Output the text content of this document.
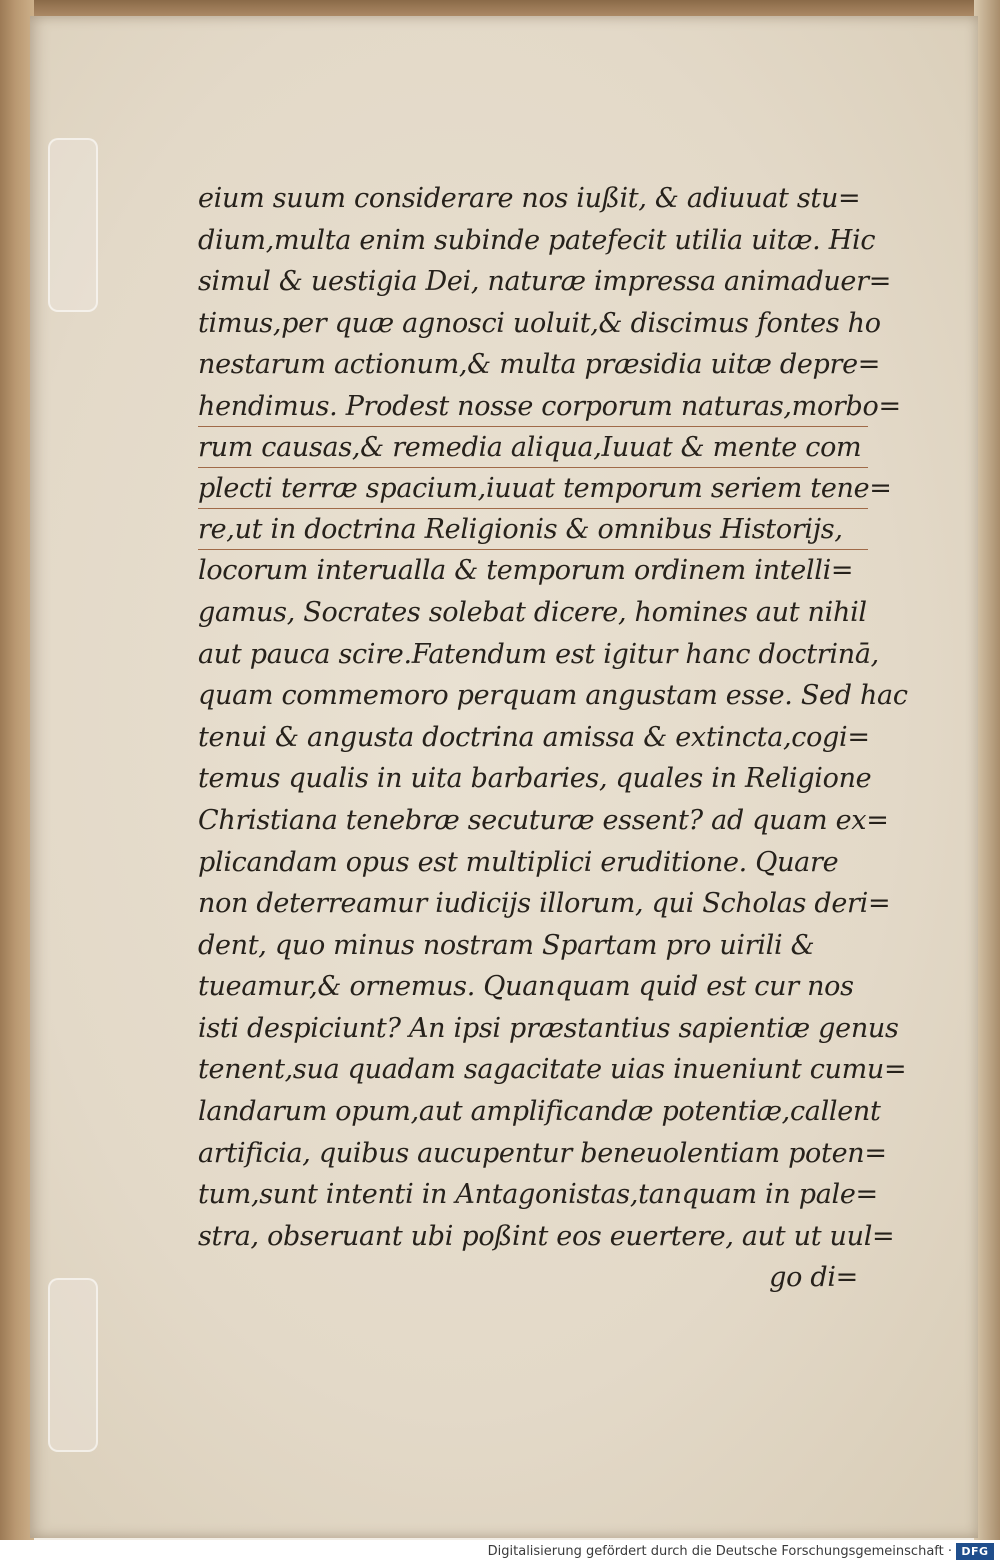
eium suum considerare nos iußit, & adiuuat stu=
dium,multa enim subinde patefecit utilia uitæ. Hic
simul & uestigia Dei, naturæ impressa animaduer=
timus,per quæ agnosci uoluit,& discimus fontes ho
nestarum actionum,& multa præsidia uitæ depre=
hendimus. Prodest nosse corporum naturas,morbo=
rum causas,& remedia aliqua,Iuuat & mente com
plecti terræ spacium,iuuat temporum seriem tene=
re,ut in doctrina Religionis & omnibus Historijs,
locorum interualla & temporum ordinem intelli=
gamus, Socrates solebat dicere, homines aut nihil
aut pauca scire.Fatendum est igitur hanc doctrinā,
quam commemoro perquam angustam esse. Sed hac
tenui & angusta doctrina amissa & extincta,cogi=
temus qualis in uita barbaries, quales in Religione
Christiana tenebræ secuturæ essent? ad quam ex=
plicandam opus est multiplici eruditione. Quare
non deterreamur iudicijs illorum, qui Scholas deri=
dent, quo minus nostram Spartam pro uirili &
tueamur,& ornemus. Quanquam quid est cur nos
isti despiciunt? An ipsi præstantius sapientiæ genus
tenent,sua quadam sagacitate uias inueniunt cumu=
landarum opum,aut amplificandæ potentiæ,callent
artificia, quibus aucupentur beneuolentiam poten=
tum,sunt intenti in Antagonistas,tanquam in pale=
stra, obseruant ubi poßint eos euertere, aut ut uul=
go di=
Digitalisierung gefördert durch die Deutsche Forschungsgemeinschaft · DFG
